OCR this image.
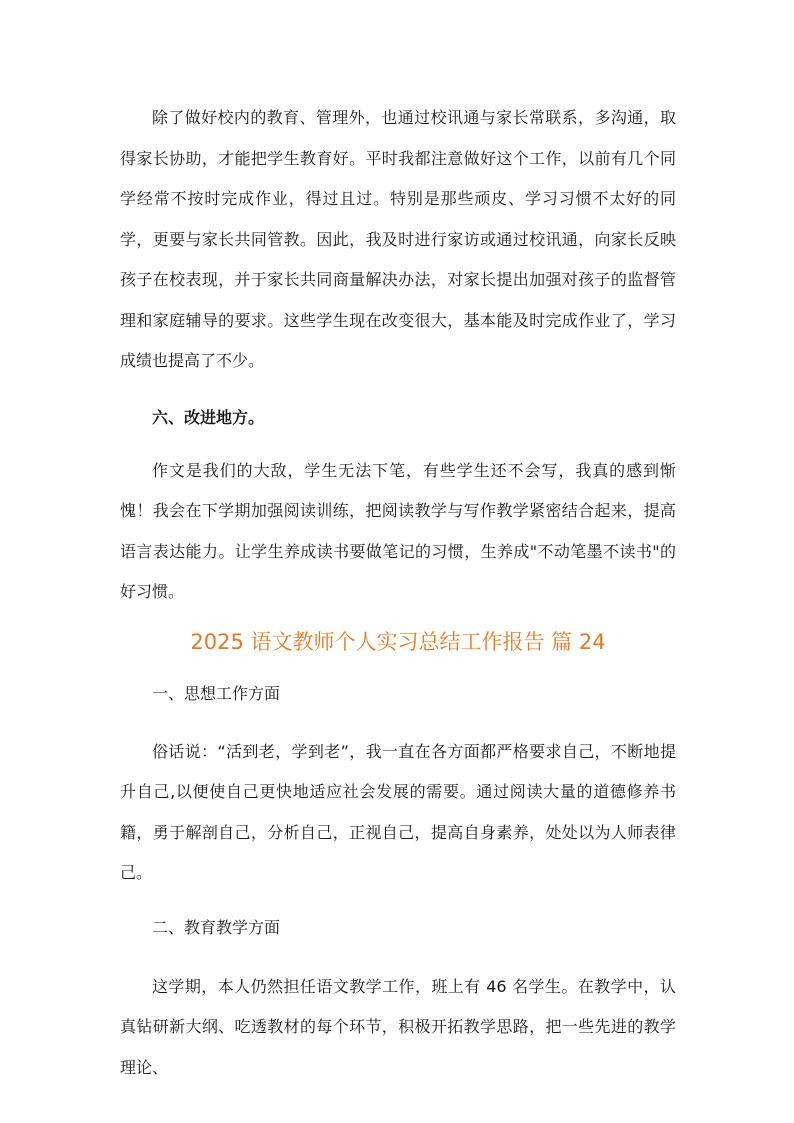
除了做好校内的教育、管理外，也通过校讯通与家长常联系，多沟通，取得家长协助，才能把学生教育好。平时我都注意做好这个工作，以前有几个同学经常不按时完成作业，得过且过。特别是那些顽皮、学习习惯不太好的同学，更要与家长共同管教。因此，我及时进行家访或通过校讯通，向家长反映孩子在校表现，并于家长共同商量解决办法，对家长提出加强对孩子的监督管理和家庭辅导的要求。这些学生现在改变很大，基本能及时完成作业了，学习成绩也提高了不少。

六、改进地方。

作文是我们的大敌，学生无法下笔，有些学生还不会写，我真的感到惭愧！我会在下学期加强阅读训练，把阅读教学与写作教学紧密结合起来，提高语言表达能力。让学生养成读书要做笔记的习惯，生养成"不动笔墨不读书"的好习惯。

2025 语文教师个人实习总结工作报告 篇 24

一、思想工作方面

俗话说：“活到老，学到老”，我一直在各方面都严格要求自己，不断地提升自己,以便使自己更快地适应社会发展的需要。通过阅读大量的道德修养书籍，勇于解剖自己，分析自己，正视自己，提高自身素养，处处以为人师表律己。

二、教育教学方面

这学期，本人仍然担任语文教学工作，班上有 46 名学生。在教学中，认真钻研新大纲、吃透教材的每个环节，积极开拓教学思路，把一些先进的教学理论、
